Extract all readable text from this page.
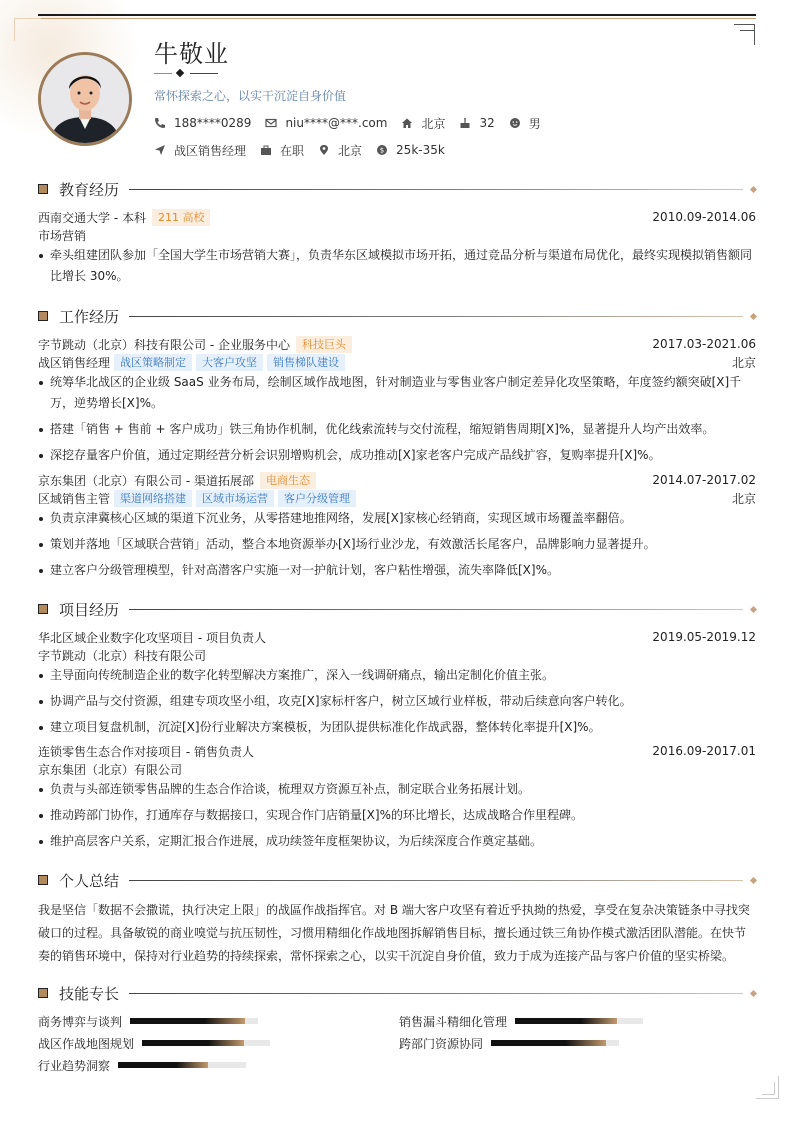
牛敬业
常怀探索之心，以实干沉淀自身价值
188****0289	niu****@***.com	北京	32	男
战区销售经理	在职	北京	$ 25k-35k
教育经历
西南交通大学 - 本科	211 高校	2010.09-2014.06
市场营销
牵头组建团队参加「全国大学生市场营销大赛」，负责华东区域模拟市场开拓，通过竞品分析与渠道布局优化，最终实现模拟销售额同比增长 30%。
工作经历
字节跳动（北京）科技有限公司 - 企业服务中心	科技巨头	2017.03-2021.06
战区销售经理 战区策略制定	大客户攻坚	销售梯队建设	北京
统筹华北战区的企业级 SaaS 业务布局，绘制区域作战地图，针对制造业与零售业客户制定差异化攻坚策略，年度签约额突破[X]千万，逆势增长[X]%。
搭建「销售 + 售前 + 客户成功」铁三角协作机制，优化线索流转与交付流程，缩短销售周期[X]%，显著提升人均产出效率。
深挖存量客户价值，通过定期经营分析会识别增购机会，成功推动[X]家老客户完成产品线扩容，复购率提升[X]%。
京东集团（北京）有限公司 - 渠道拓展部	电商生态	2014.07-2017.02
区域销售主管 渠道网络搭建	区域市场运营	客户分级管理	北京
负责京津冀核心区域的渠道下沉业务，从零搭建地推网络，发展[X]家核心经销商，实现区域市场覆盖率翻倍。
策划并落地「区域联合营销」活动，整合本地资源举办[X]场行业沙龙，有效激活长尾客户，品牌影响力显著提升。
建立客户分级管理模型，针对高潜客户实施一对一护航计划，客户粘性增强，流失率降低[X]%。
项目经历
华北区域企业数字化攻坚项目 - 项目负责人	2019.05-2019.12
字节跳动（北京）科技有限公司
主导面向传统制造企业的数字化转型解决方案推广，深入一线调研痛点，输出定制化价值主张。
协调产品与交付资源，组建专项攻坚小组，攻克[X]家标杆客户，树立区域行业样板，带动后续意向客户转化。
建立项目复盘机制，沉淀[X]份行业解决方案模板，为团队提供标准化作战武器，整体转化率提升[X]%。
连锁零售生态合作对接项目 - 销售负责人	2016.09-2017.01
京东集团（北京）有限公司
负责与头部连锁零售品牌的生态合作洽谈，梳理双方资源互补点，制定联合业务拓展计划。
推动跨部门协作，打通库存与数据接口，实现合作门店销量[X]%的环比增长，达成战略合作里程碑。
维护高层客户关系，定期汇报合作进展，成功续签年度框架协议，为后续深度合作奠定基础。
个人总结
我是坚信「数据不会撒谎，执行决定上限」的战區作战指挥官。对 B 端大客户攻坚有着近乎执拗的热爱，享受在复杂决策链条中寻找突破口的过程。具备敏锐的商业嗅觉与抗压韧性，习惯用精细化作战地图拆解销售目标，擅长通过铁三角协作模式激活团队潜能。在快节奏的销售环境中，保持对行业趋势的持续探索，常怀探索之心，以实干沉淀自身价值，致力于成为连接产品与客户价值的坚实桥梁。
技能专长
商务博弈与谈判	销售漏斗精细化管理
战区作战地图规划	跨部门资源协同
行业趋势洞察
